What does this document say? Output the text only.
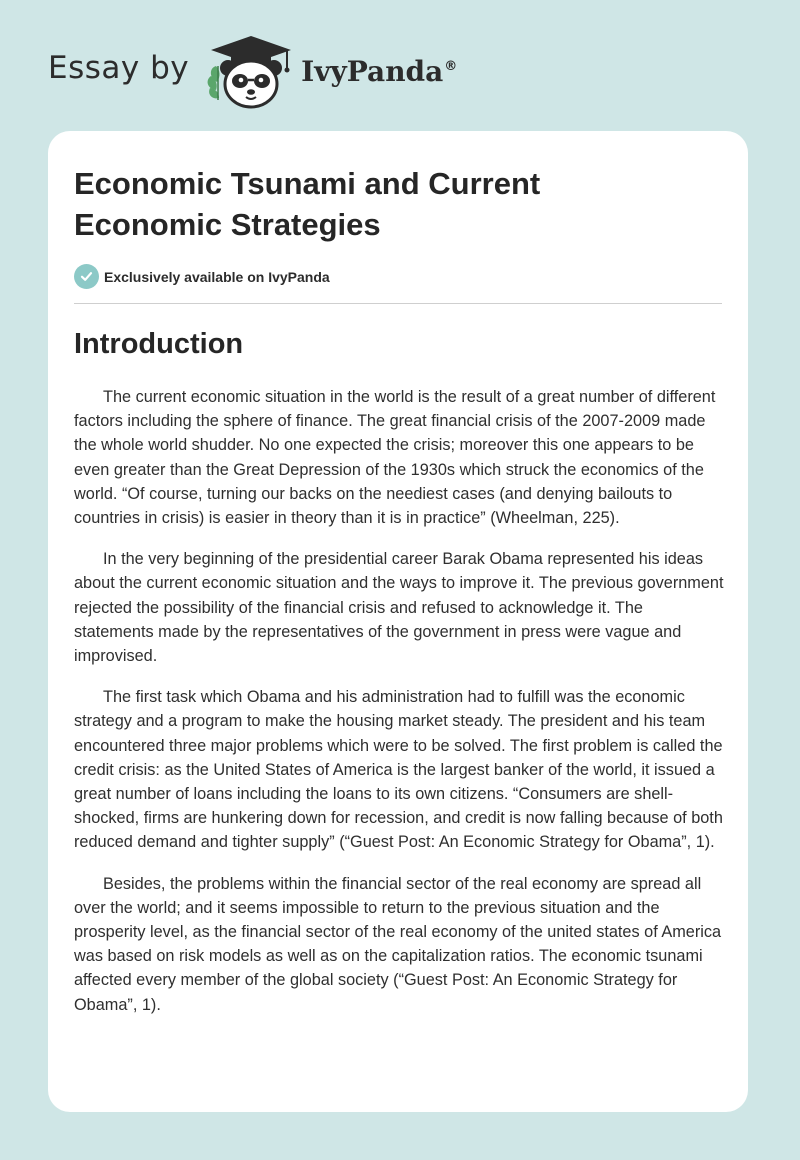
Essay by	IvyPanda®
Economic Tsunami and Current Economic Strategies
Exclusively available on IvyPanda
Introduction

The current economic situation in the world is the result of a great number of different factors including the sphere of finance. The great financial crisis of the 2007-2009 made the whole world shudder. No one expected the crisis; moreover this one appears to be even greater than the Great Depression of the 1930s which struck the economics of the world. “Of course, turning our backs on the neediest cases (and denying bailouts to countries in crisis) is easier in theory than it is in practice” (Wheelman, 225).

In the very beginning of the presidential career Barak Obama represented his ideas about the current economic situation and the ways to improve it. The previous government rejected the possibility of the financial crisis and refused to acknowledge it. The statements made by the representatives of the government in press were vague and improvised.

The first task which Obama and his administration had to fulfill was the economic strategy and a program to make the housing market steady. The president and his team encountered three major problems which were to be solved. The first problem is called the credit crisis: as the United States of America is the largest banker of the world, it issued a great number of loans including the loans to its own citizens. “Consumers are shell-shocked, firms are hunkering down for recession, and credit is now falling because of both reduced demand and tighter supply” (“Guest Post: An Economic Strategy for Obama”, 1).

Besides, the problems within the financial sector of the real economy are spread all over the world; and it seems impossible to return to the previous situation and the prosperity level, as the financial sector of the real economy of the united states of America was based on risk models as well as on the capitalization ratios. The economic tsunami affected every member of the global society (“Guest Post: An Economic Strategy for Obama”, 1).
